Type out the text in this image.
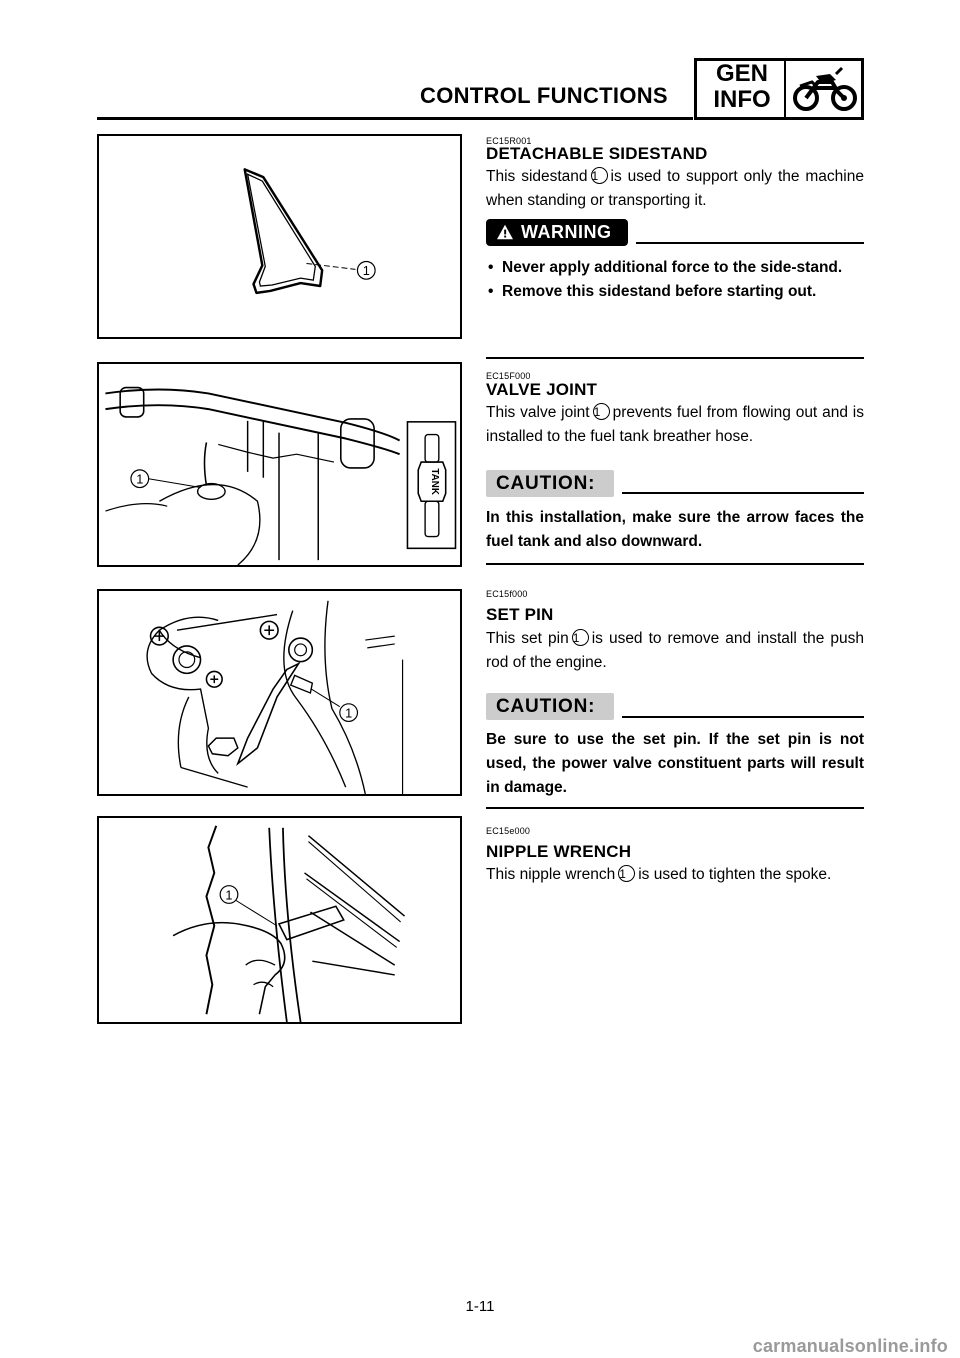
CONTROL FUNCTIONS
GEN
INFO
1
1	TANK
1
1
EC15R001
DETACHABLE SIDESTAND
This sidestand 1 is used to support only the machine when standing or transporting it.
WARNING
• Never apply additional force to the side-stand.
• Remove this sidestand before starting out.
EC15F000
VALVE JOINT
This valve joint 1 prevents fuel from flowing out and is installed to the fuel tank breather hose.
CAUTION:
In this installation, make sure the arrow faces the fuel tank and also downward.
EC15f000
SET PIN
This set pin 1 is used to remove and install the push rod of the engine.
CAUTION:
Be sure to use the set pin. If the set pin is not used, the power valve constituent parts will result in damage.
EC15e000
NIPPLE WRENCH
This nipple wrench 1 is used to tighten the spoke.
1-11
carmanualsonline.info
